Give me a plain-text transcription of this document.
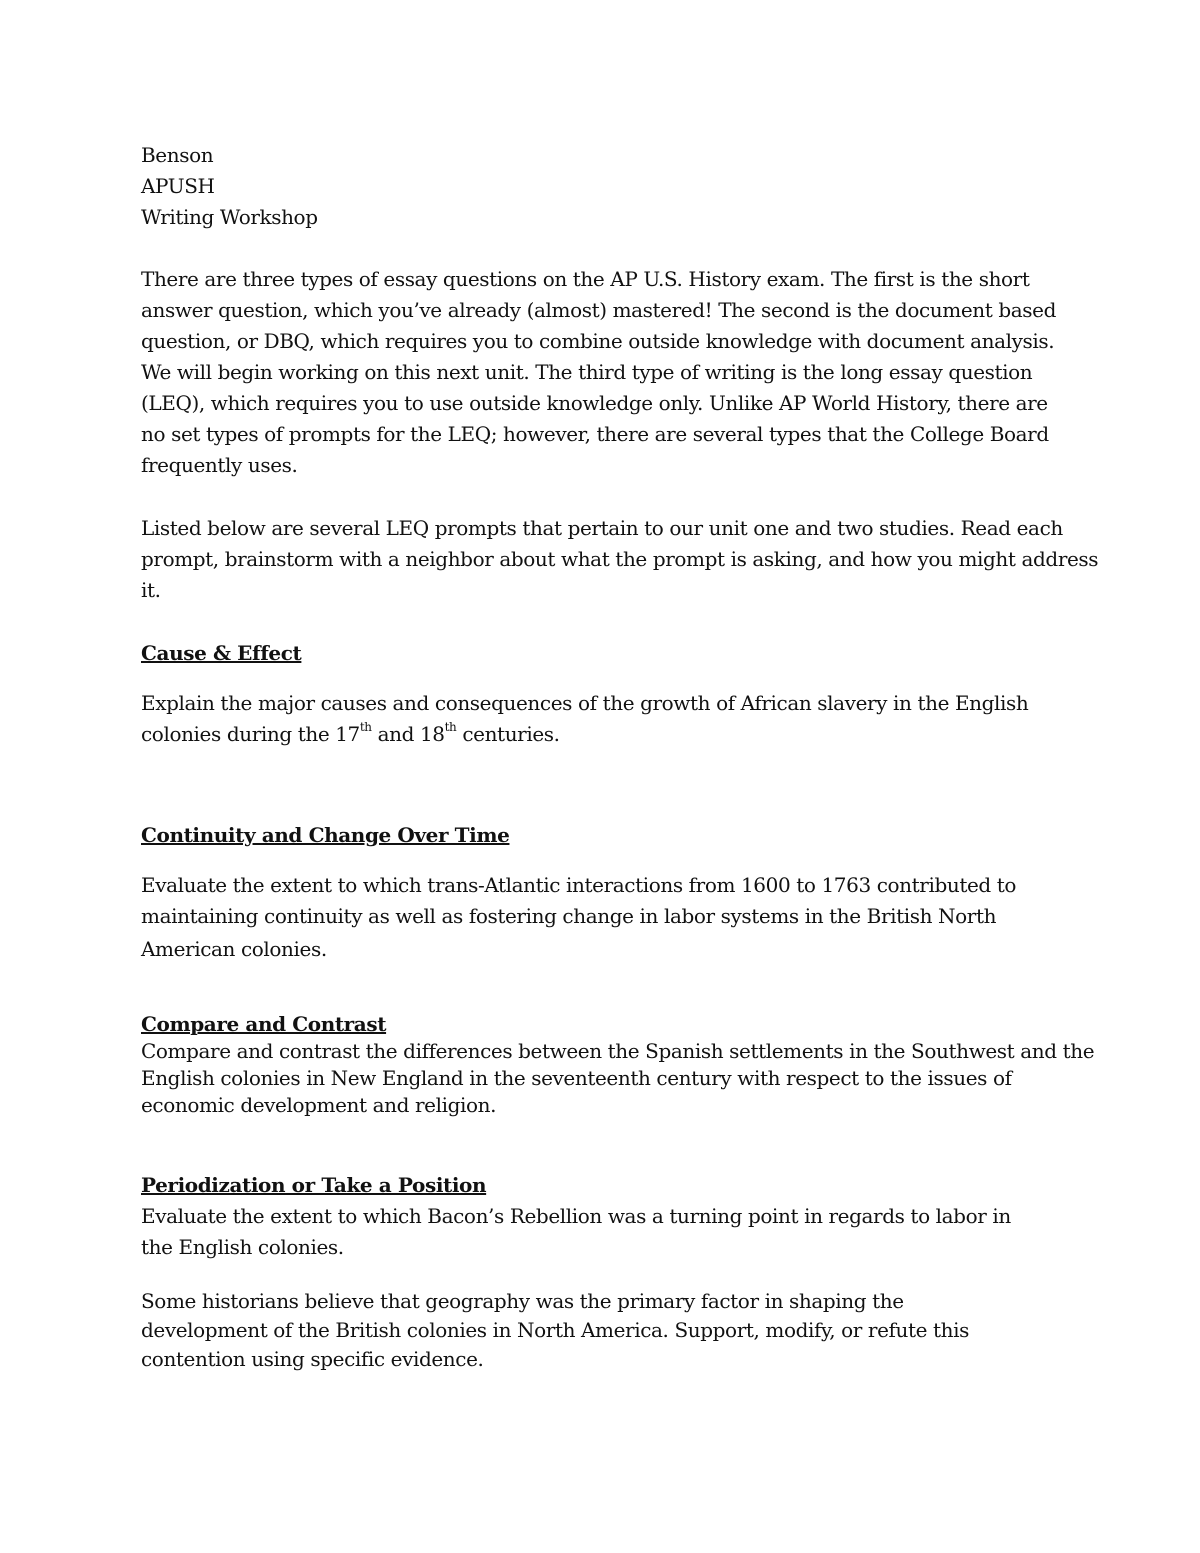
Benson
APUSH
Writing Workshop
There are three types of essay questions on the AP U.S. History exam. The first is the short
answer question, which you’ve already (almost) mastered! The second is the document based
question, or DBQ, which requires you to combine outside knowledge with document analysis.
We will begin working on this next unit. The third type of writing is the long essay question
(LEQ), which requires you to use outside knowledge only. Unlike AP World History, there are
no set types of prompts for the LEQ; however, there are several types that the College Board
frequently uses.
Listed below are several LEQ prompts that pertain to our unit one and two studies. Read each
prompt, brainstorm with a neighbor about what the prompt is asking, and how you might address
it.
Cause & Effect
Explain the major causes and consequences of the growth of African slavery in the English
colonies during the 17th and 18th centuries.
Continuity and Change Over Time
Evaluate the extent to which trans-Atlantic interactions from 1600 to 1763 contributed to
maintaining continuity as well as fostering change in labor systems in the British North
American colonies.
Compare and Contrast
Compare and contrast the differences between the Spanish settlements in the Southwest and the
English colonies in New England in the seventeenth century with respect to the issues of
economic development and religion.
Periodization or Take a Position
Evaluate the extent to which Bacon’s Rebellion was a turning point in regards to labor in
the English colonies.
Some historians believe that geography was the primary factor in shaping the
development of the British colonies in North America. Support, modify, or refute this
contention using specific evidence.
